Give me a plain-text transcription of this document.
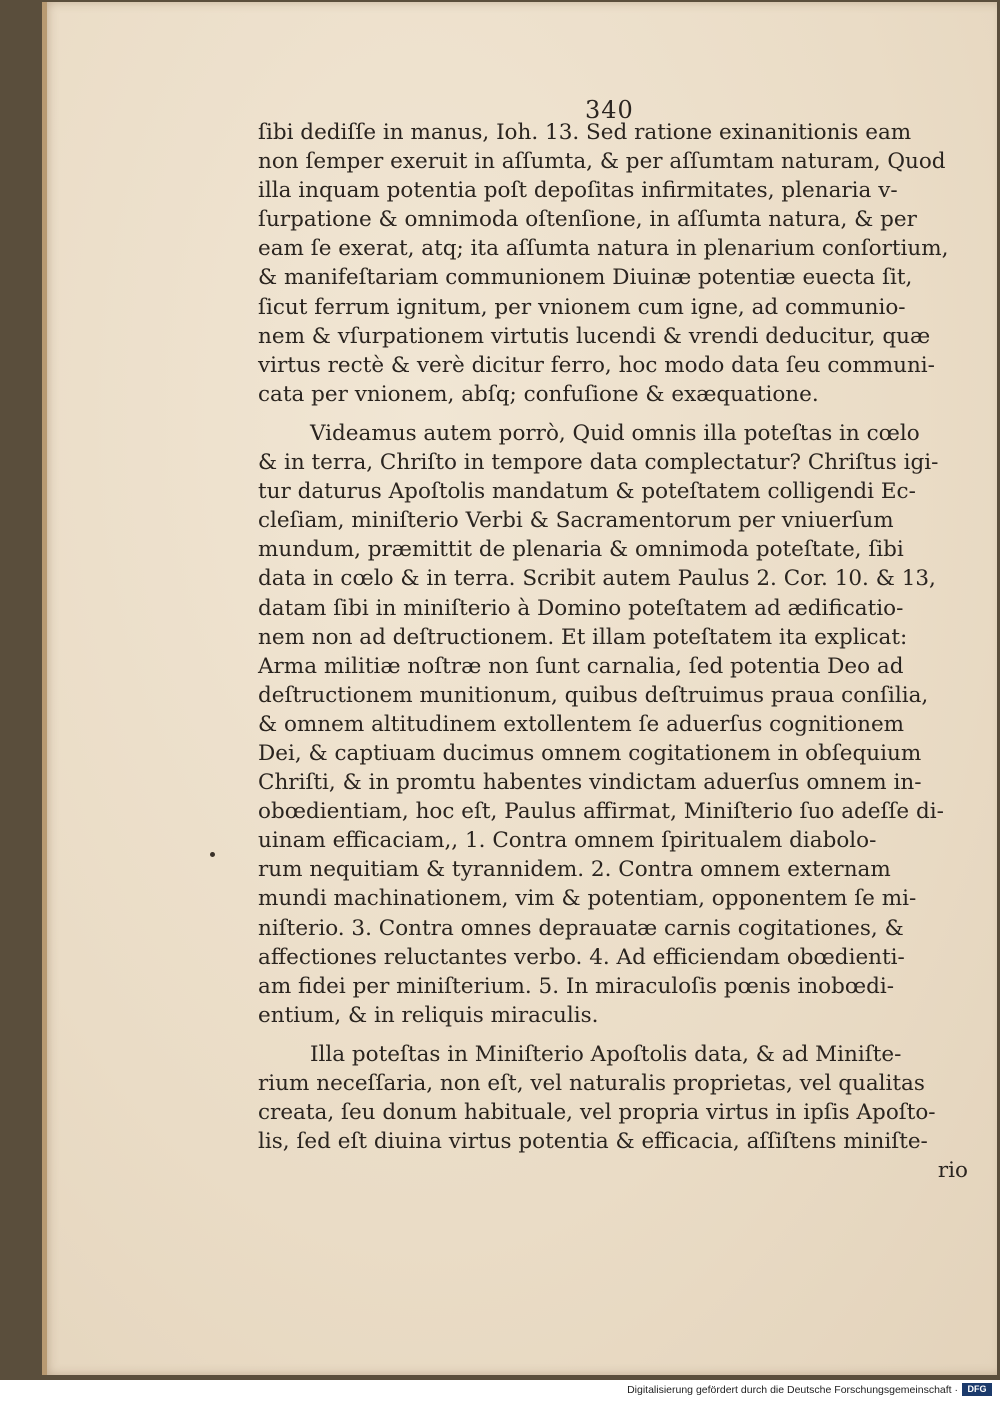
340
ſibi dediſſe in manus, Ioh. 13. Sed ratione exinanitionis eam
non ſemper exeruit in aſſumta, & per aſſumtam naturam, Quod
illa inquam potentia poſt depoſitas infirmitates, plenaria v-
ſurpatione & omnimoda oſtenſione, in aſſumta natura, & per
eam ſe exerat, atq; ita aſſumta natura in plenarium conſortium,
& manifeſtariam communionem Diuinæ potentiæ euecta ſit,
ſicut ferrum ignitum, per vnionem cum igne, ad communio-
nem & vſurpationem virtutis lucendi & vrendi deducitur, quæ
virtus rectè & verè dicitur ferro, hoc modo data ſeu communi-
cata per vnionem, abſq; confuſione & exæquatione.
Videamus autem porrò, Quid omnis illa poteſtas in cœlo
& in terra, Chriſto in tempore data complectatur? Chriſtus igi-
tur daturus Apoſtolis mandatum & poteſtatem colligendi Ec-
cleſiam, miniſterio Verbi & Sacramentorum per vniuerſum
mundum, præmittit de plenaria & omnimoda poteſtate, ſibi
data in cœlo & in terra. Scribit autem Paulus 2. Cor. 10. & 13,
datam ſibi in miniſterio à Domino poteſtatem ad ædificatio-
nem non ad deſtructionem. Et illam poteſtatem ita explicat:
Arma militiæ noſtræ non ſunt carnalia, ſed potentia Deo ad
deſtructionem munitionum, quibus deſtruimus praua conſilia,
& omnem altitudinem extollentem ſe aduerſus cognitionem
Dei, & captiuam ducimus omnem cogitationem in obſequium
Chriſti, & in promtu habentes vindictam aduerſus omnem in-
obœdientiam, hoc eſt, Paulus affirmat, Miniſterio ſuo adeſſe di-
uinam efficaciam,, 1. Contra omnem ſpiritualem diabolo-
rum nequitiam & tyrannidem. 2. Contra omnem externam
mundi machinationem, vim & potentiam, opponentem ſe mi-
niſterio. 3. Contra omnes deprauatæ carnis cogitationes, &
affectiones reluctantes verbo. 4. Ad efficiendam obœdienti-
am fidei per miniſterium. 5. In miraculoſis pœnis inobœdi-
entium, & in reliquis miraculis.
Illa poteſtas in Miniſterio Apoſtolis data, & ad Miniſte-
rium neceſſaria, non eſt, vel naturalis proprietas, vel qualitas
creata, ſeu donum habituale, vel propria virtus in ipſis Apoſto-
lis, ſed eſt diuina virtus potentia & efficacia, aſſiſtens miniſte-
rio
Digitalisierung gefördert durch die Deutsche Forschungsgemeinschaft ·	DFG
